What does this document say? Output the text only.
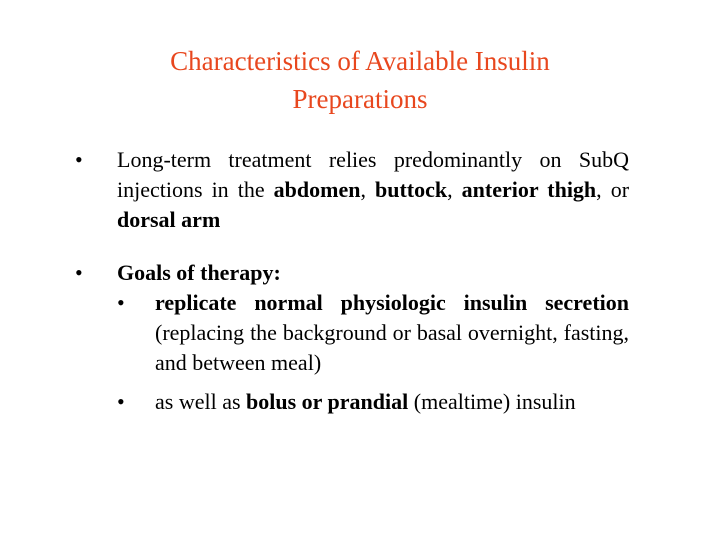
Characteristics of Available Insulin
Preparations
• Long-term treatment relies predominantly on SubQ injections in the abdomen, buttock, anterior thigh, or dorsal arm

• Goals of therapy:

• replicate normal physiologic insulin secretion (replacing the background or basal overnight, fasting, and between meal)
• as well as bolus or prandial (mealtime) insulin
